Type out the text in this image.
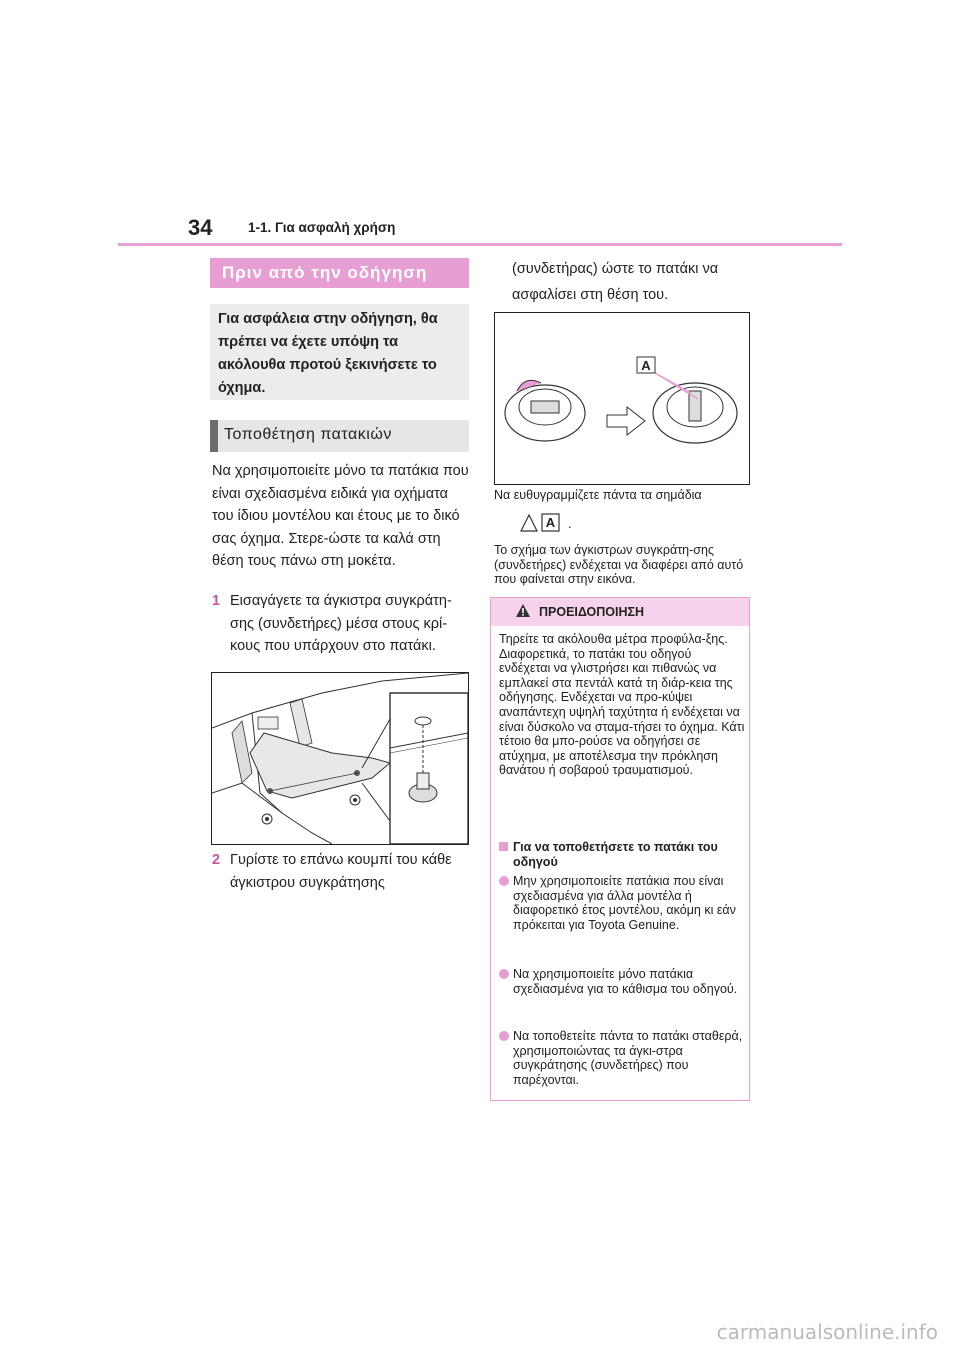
34	1-1. Για ασφαλή χρήση
Πριν από την οδήγηση
Για ασφάλεια στην οδήγηση, θα πρέπει να έχετε υπόψη τα ακόλουθα προτού ξεκινήσετε το όχημα.
Τοποθέτηση πατακιών
Να χρησιμοποιείτε μόνο τα πατάκια που είναι σχεδιασμένα ειδικά για οχήματα του ίδιου μοντέλου και έτους με το δικό σας όχημα. Στερε-ώστε τα καλά στη θέση τους πάνω στη μοκέτα.
1 Εισαγάγετε τα άγκιστρα συγκράτη-σης (συνδετήρες) μέσα στους κρί-κους που υπάρχουν στο πατάκι.
2 Γυρίστε το επάνω κουμπί του κάθε άγκιστρου συγκράτησης
(συνδετήρας) ώστε το πατάκι να ασφαλίσει στη θέση του.
A
Να ευθυγραμμίζετε πάντα τα σημάδια
A .
Το σχήμα των άγκιστρων συγκράτη-σης (συνδετήρες) ενδέχεται να διαφέρει από αυτό που φαίνεται στην εικόνα.
ΠΡΟΕΙΔΟΠΟΙΗΣΗ
Τηρείτε τα ακόλουθα μέτρα προφύλα-ξης. Διαφορετικά, το πατάκι του οδηγού ενδέχεται να γλιστρήσει και πιθανώς να εμπλακεί στα πεντάλ κατά τη διάρ-κεια της οδήγησης. Ενδέχεται να προ-κύψει αναπάντεχη υψηλή ταχύτητα ή ενδέχεται να είναι δύσκολο να σταμα-τήσει το όχημα. Κάτι τέτοιο θα μπο-ρούσε να οδηγήσει σε ατύχημα, με αποτέλεσμα την πρόκληση θανάτου ή σοβαρού τραυματισμού.
Για να τοποθετήσετε το πατάκι του οδηγού
Μην χρησιμοποιείτε πατάκια που είναι σχεδιασμένα για άλλα μοντέλα ή διαφορετικό έτος μοντέλου, ακόμη κι εάν πρόκειται για Toyota Genuine.
Να χρησιμοποιείτε μόνο πατάκια σχεδιασμένα για το κάθισμα του οδηγού.
Να τοποθετείτε πάντα το πατάκι σταθερά, χρησιμοποιώντας τα άγκι-στρα συγκράτησης (συνδετήρες) που παρέχονται.
carmanualsonline.info
